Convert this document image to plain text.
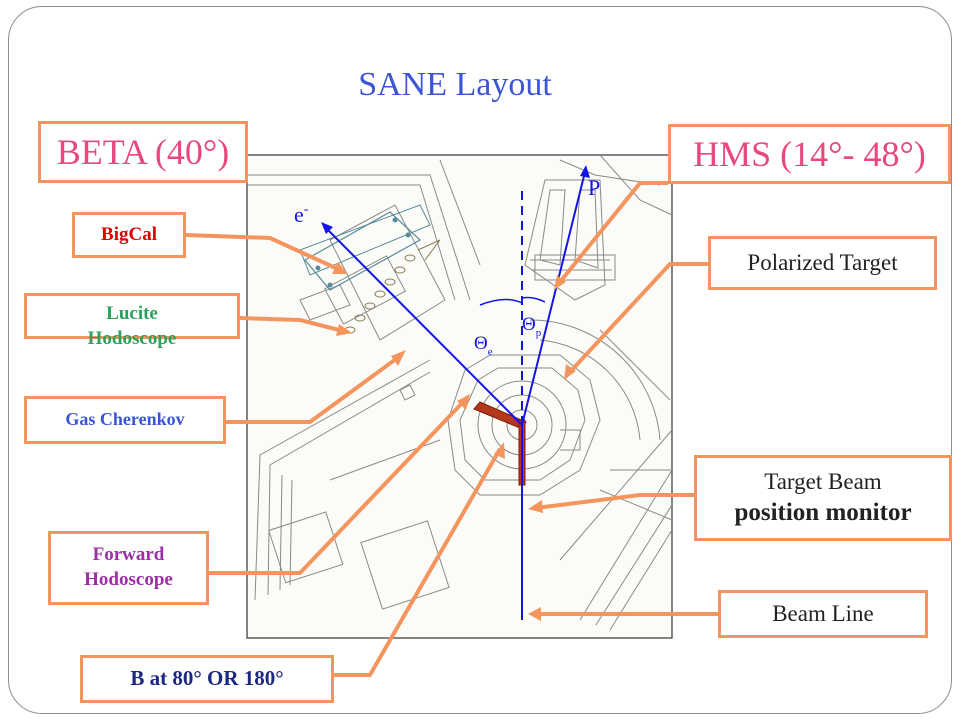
SANE Layout
e-
P
$\Theta_e$
$\Theta_p$
BETA (40°)	HMS (14°- 48°)
BigCal
Lucite
Hodoscope
Gas Cherenkov
Forward
Hodoscope
B at 80° OR 180°
Polarized Target
Target Beam
position monitor
Beam Line
